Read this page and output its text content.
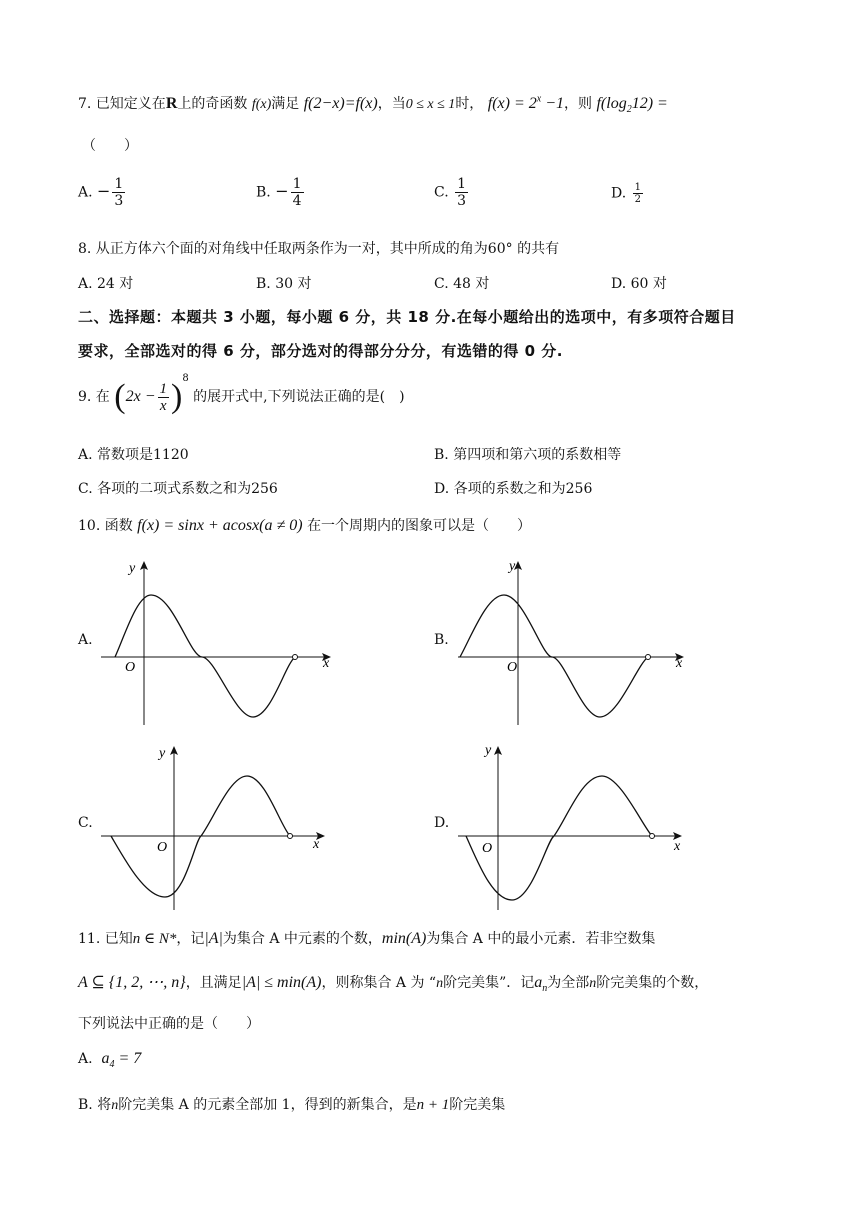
7. 已知定义在R上的奇函数 f(x)满足 f(2−x)=f(x)，当0 ≤ x ≤ 1时， $f(x) = 2^x -1$，则 $f(\log_212)$ =
（　　）
A. − $\frac{1}{3}$	B. − $\frac{1}{4}$	C. $\frac{1}{3}$	D. $\frac{1}{2}$
8. 从正方体六个面的对角线中任取两条作为一对，其中所成的角为60° 的共有
A. 24 对	B. 30 对	C. 48 对	D. 60 对
二、选择题：本题共 3 小题，每小题 6 分，共 18 分.在每小题给出的选项中，有多项符合题目
要求，全部选对的得 6 分，部分选对的得部分分分，有选错的得 0 分.
9. 在 $(2x - \frac{1}{x} )^8$ 的展开式中,下列说法正确的是(　)
A. 常数项是1120	B. 第四项和第六项的系数相等
C. 各项的二项式系数之和为256	D. 各项的系数之和为256
10. 函数 f(x) = sinx + acosx(a ≠ 0) 在一个周期内的图象可以是（　　）
A.
x
y
O
B.
x
y
O
C.
x
y
O
D.
x
y
O
11. 已知n ∈ N*，记|A|为集合 A 中元素的个数，min(A)为集合 A 中的最小元素．若非空数集
A ⊆ {1, 2, ⋯, n}，且满足|A| ≤ min(A)，则称集合 A 为 “n阶完美集”．记$a_n$为全部n阶完美集的个数，
下列说法中正确的是（　　）
A. $a_4 = 7$
B. 将n阶完美集 A 的元素全部加 1，得到的新集合，是n + 1阶完美集
